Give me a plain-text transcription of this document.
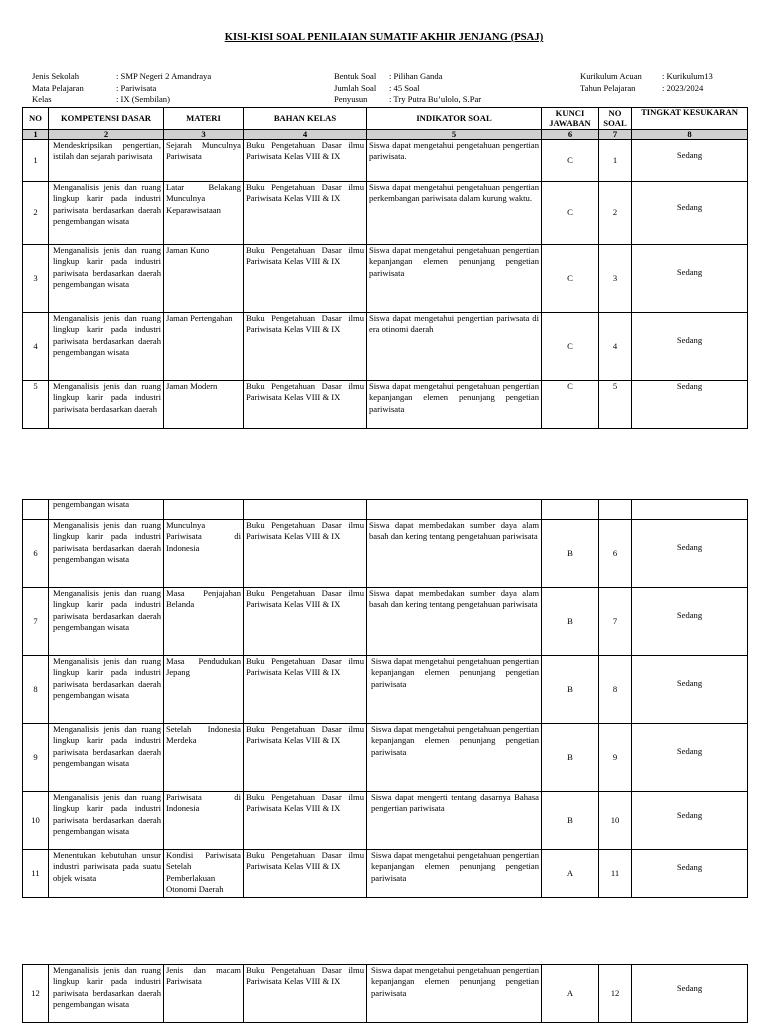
KISI-KISI SOAL PENILAIAN SUMATIF AKHIR JENJANG (PSAJ)
Jenis Sekolah	: SMP Negeri 2 Amandraya
Mata Pelajaran	: Pariwisata
Kelas	: IX (Sembilan)
Bentuk Soal : Pilihan Ganda
Jumlah Soal : 45 Soal
Penyusun	: Try Putra Bu’ulolo, S.Par
Kurikulum Acuan : Kurikulum13
Tahun Pelajaran	: 2023/2024
NO	KOMPETENSI DASAR	MATERI	BAHAN KELAS	INDIKATOR SOAL	KUNCI JAWABAN	NO SOAL	TINGKAT KESUKARAN
1	2	3	4	5	6	7	8
1	Mendeskripsikan pengertian, istilah dan sejarah pariwisata	Sejarah Munculnya Pariwisata	Buku Pengetahuan Dasar ilmu Pariwisata Kelas VIII & IX	Siswa dapat mengetahui pengetahuan pengertian pariwisata.	C	1	Sedang
2	Menganalisis jenis dan ruang lingkup karir pada industri pariwisata berdasarkan daerah pengembangan wisata	Latar Belakang Munculnya Keparawisataan	Buku Pengetahuan Dasar ilmu Pariwisata Kelas VIII & IX	Siswa dapat mengetahui pengetahuan pengertian perkembangan pariwisata dalam kurung waktu.	C	2	Sedang
3	Menganalisis jenis dan ruang lingkup karir pada industri pariwisata berdasarkan daerah pengembangan wisata	Jaman Kuno	Buku Pengetahuan Dasar ilmu Pariwisata Kelas VIII & IX	Siswa dapat mengetahui pengetahuan pengertian kepanjangan elemen penunjang pengetian pariwisata	C	3	Sedang
4	Menganalisis jenis dan ruang lingkup karir pada industri pariwisata berdasarkan daerah pengembangan wisata	Jaman Pertengahan	Buku Pengetahuan Dasar ilmu Pariwisata Kelas VIII & IX	Siswa dapat mengetahui pengertian pariwsata di era otinomi daerah	C	4	Sedang
5	Menganalisis jenis dan ruang lingkup karir pada industri pariwisata berdasarkan daerah	Jaman Modern	Buku Pengetahuan Dasar ilmu Pariwisata Kelas VIII & IX	Siswa dapat mengetahui pengetahuan pengertian kepanjangan elemen penunjang pengetian pariwisata	C	5	Sedang
	pengembangan wisata						
6	Menganalisis jenis dan ruang lingkup karir pada industri pariwisata berdasarkan daerah pengembangan wisata	Munculnya Pariwisata di Indonesia	Buku Pengetahuan Dasar ilmu Pariwisata Kelas VIII & IX	Siswa dapat membedakan sumber daya alam basah dan kering tentang pengetahuan pariwisata	B	6	Sedang
7	Menganalisis jenis dan ruang lingkup karir pada industri pariwisata berdasarkan daerah pengembangan wisata	Masa Penjajahan Belanda	Buku Pengetahuan Dasar ilmu Pariwisata Kelas VIII & IX	Siswa dapat membedakan sumber daya alam basah dan kering tentang pengetahuan pariwisata	B	7	Sedang
8	Menganalisis jenis dan ruang lingkup karir pada industri pariwisata berdasarkan daerah pengembangan wisata	Masa Pendudukan Jepang	Buku Pengetahuan Dasar ilmu Pariwisata Kelas VIII & IX	Siswa dapat mengetahui pengetahuan pengertian kepanjangan elemen penunjang pengetian pariwisata	B	8	Sedang
9	Menganalisis jenis dan ruang lingkup karir pada industri pariwisata berdasarkan daerah pengembangan wisata	Setelah Indonesia Merdeka	Buku Pengetahuan Dasar ilmu Pariwisata Kelas VIII & IX	Siswa dapat mengetahui pengetahuan pengertian kepanjangan elemen penunjang pengetian pariwisata	B	9	Sedang
10	Menganalisis jenis dan ruang lingkup karir pada industri pariwisata berdasarkan daerah pengembangan wisata	Pariwisata di Indonesia	Buku Pengetahuan Dasar ilmu Pariwisata Kelas VIII & IX	Siswa dapat mengerti tentang dasarnya Bahasa pengertian pariwisata	B	10	Sedang
11	Menentukan kebutuhan unsur industri pariwisata pada suatu objek wisata	Kondisi Pariwisata Setelah Pemberlakuan Otonomi Daerah	Buku Pengetahuan Dasar ilmu Pariwisata Kelas VIII & IX	Siswa dapat mengetahui pengetahuan pengertian kepanjangan elemen penunjang pengetian pariwisata	A	11	Sedang
12	Menganalisis jenis dan ruang lingkup karir pada industri pariwisata berdasarkan daerah pengembangan wisata	Jenis dan macam Pariwisata	Buku Pengetahuan Dasar ilmu Pariwisata Kelas VIII & IX	Siswa dapat mengetahui pengetahuan pengertian kepanjangan elemen penunjang pengetian pariwisata	A	12	Sedang
